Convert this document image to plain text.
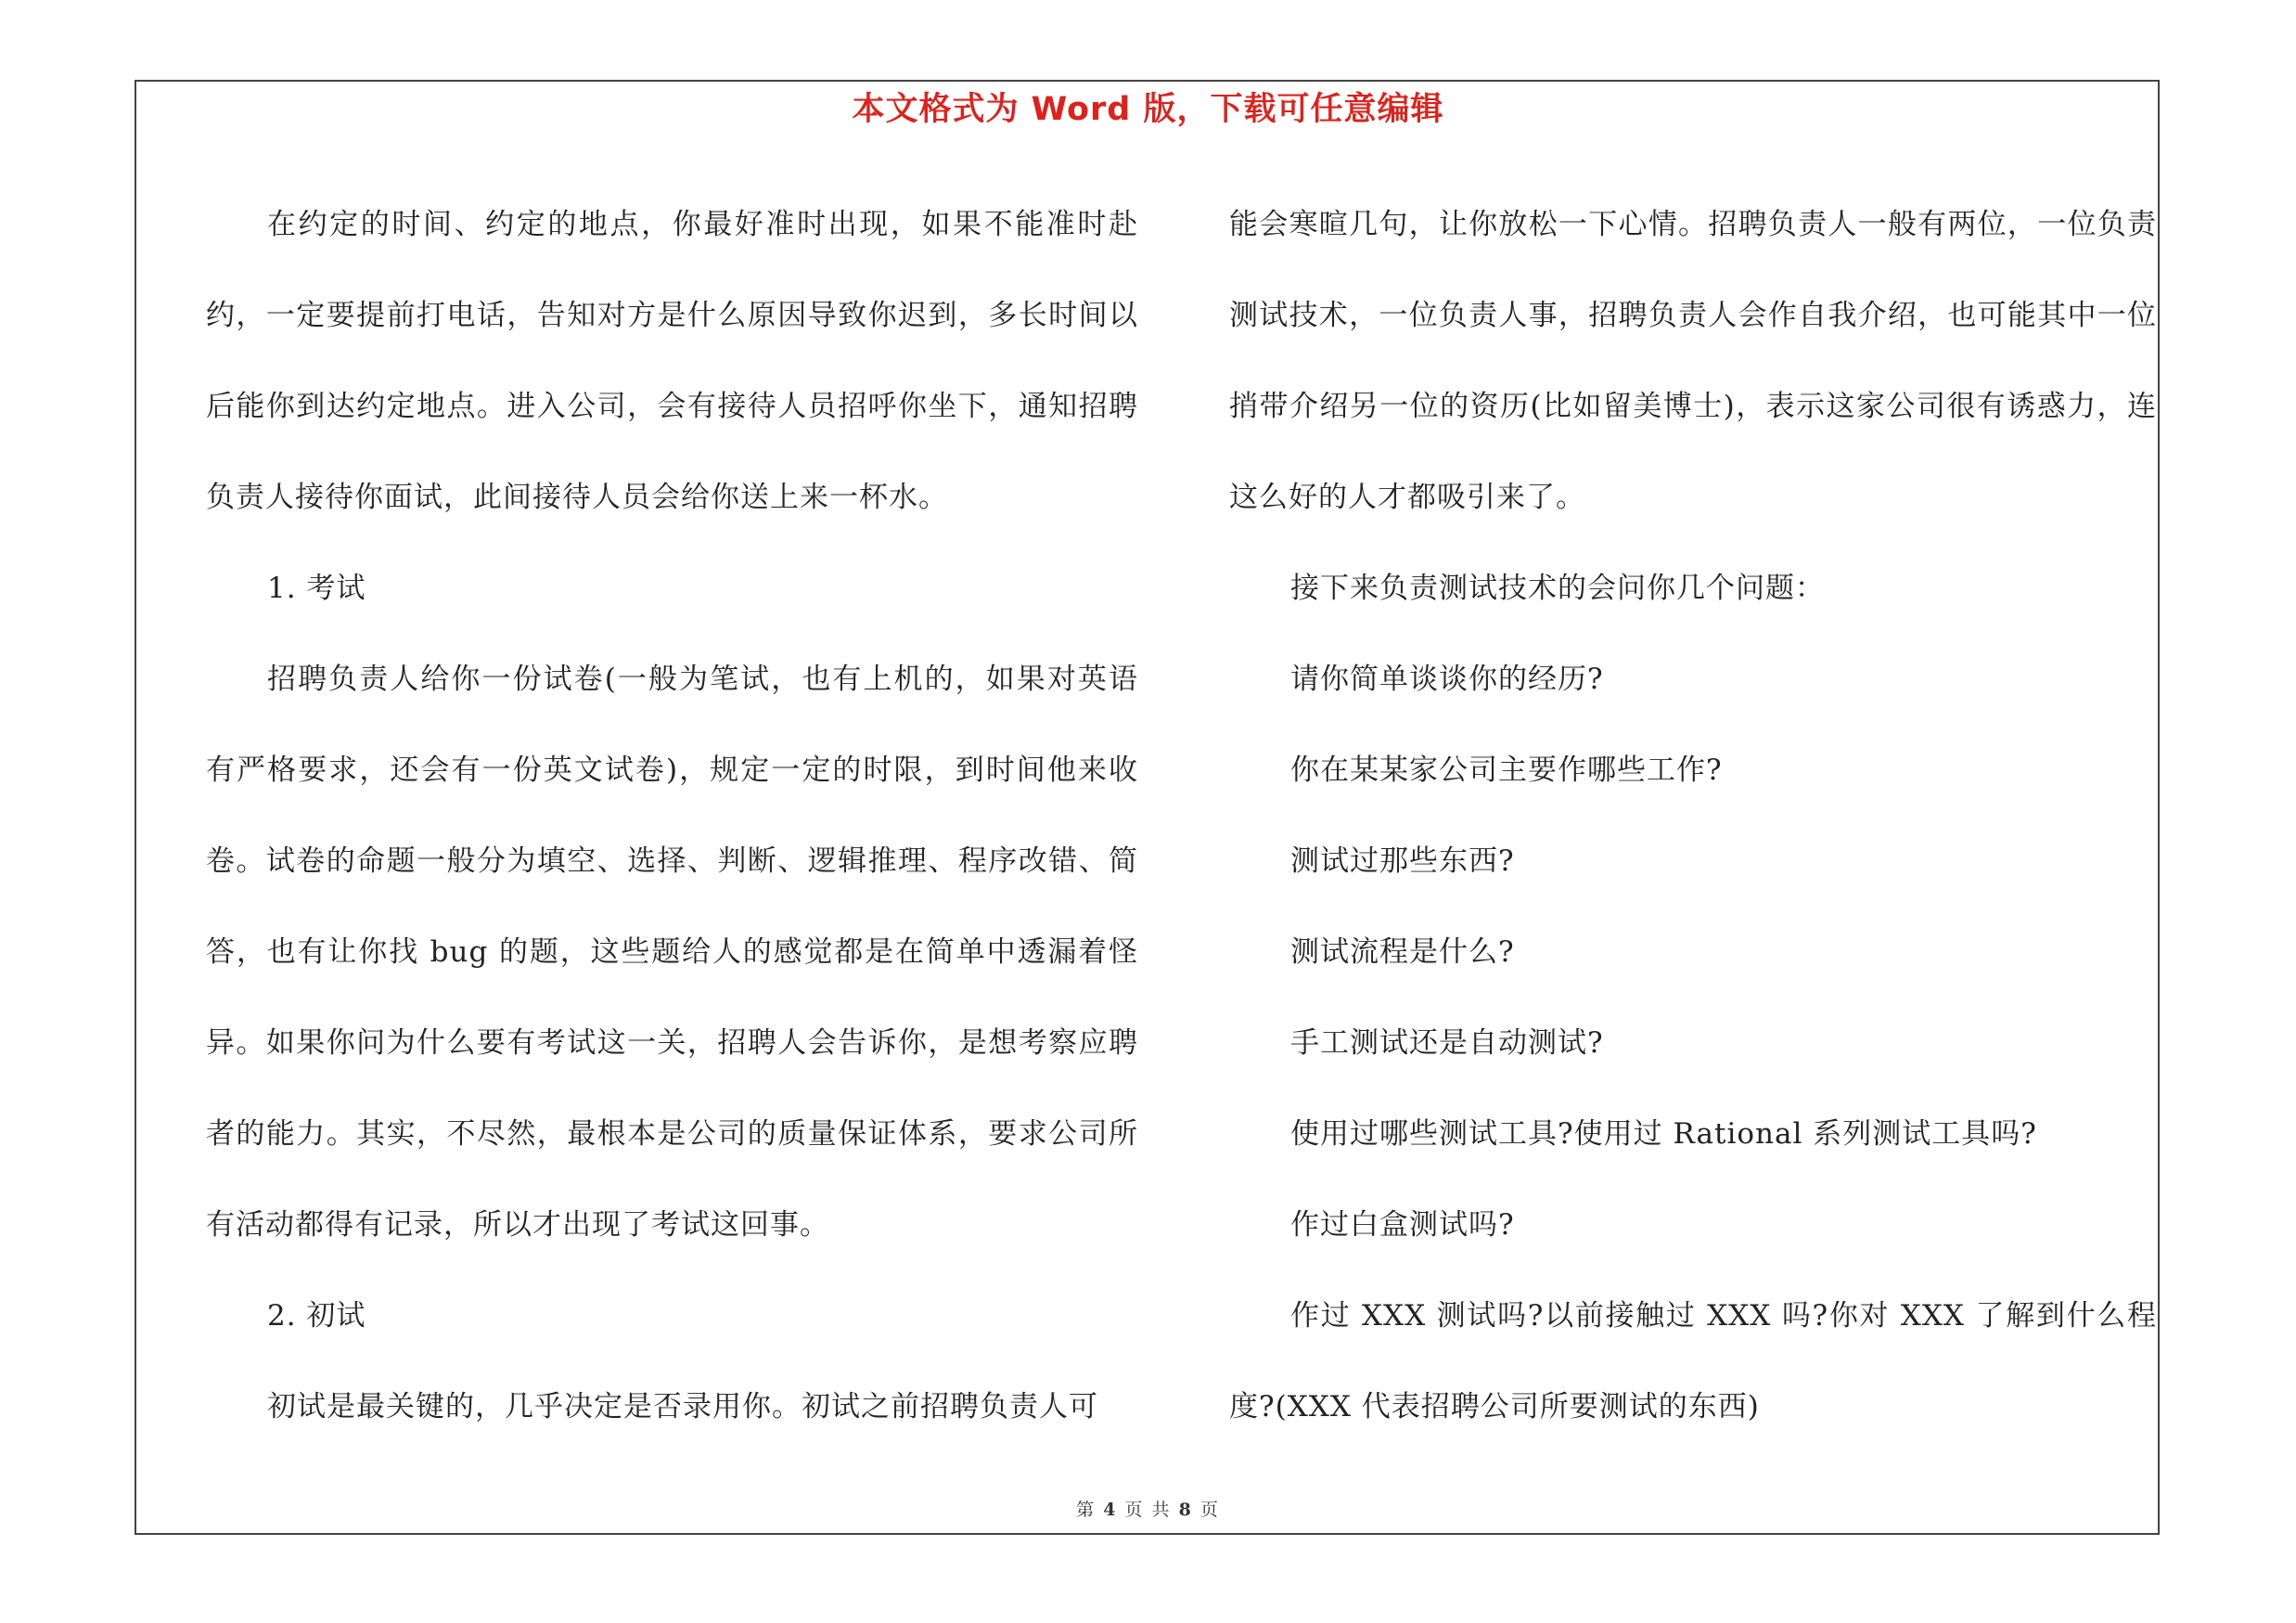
本文格式为 Word 版，下载可任意编辑

在约定的时间、约定的地点，你最好准时出现，如果不能准时赴约，一定要提前打电话，告知对方是什么原因导致你迟到，多长时间以后能你到达约定地点。进入公司，会有接待人员招呼你坐下，通知招聘负责人接待你面试，此间接待人员会给你送上来一杯水。

1. 考试

招聘负责人给你一份试卷(一般为笔试，也有上机的，如果对英语有严格要求，还会有一份英文试卷)，规定一定的时限，到时间他来收卷。试卷的命题一般分为填空、选择、判断、逻辑推理、程序改错、简答，也有让你找 bug 的题，这些题给人的感觉都是在简单中透漏着怪异。如果你问为什么要有考试这一关，招聘人会告诉你，是想考察应聘者的能力。其实，不尽然，最根本是公司的质量保证体系，要求公司所有活动都得有记录，所以才出现了考试这回事。

2. 初试

初试是最关键的，几乎决定是否录用你。初试之前招聘负责人可

能会寒暄几句，让你放松一下心情。招聘负责人一般有两位，一位负责测试技术，一位负责人事，招聘负责人会作自我介绍，也可能其中一位捎带介绍另一位的资历(比如留美博士)，表示这家公司很有诱惑力，连这么好的人才都吸引来了。

接下来负责测试技术的会问你几个问题：

请你简单谈谈你的经历?

你在某某家公司主要作哪些工作?

测试过那些东西?

测试流程是什么?

手工测试还是自动测试?

使用过哪些测试工具?使用过 Rational 系列测试工具吗?

作过白盒测试吗?

作过 XXX 测试吗?以前接触过 XXX 吗?你对 XXX 了解到什么程度?(XXX 代表招聘公司所要测试的东西)

第 4 页 共 8 页
